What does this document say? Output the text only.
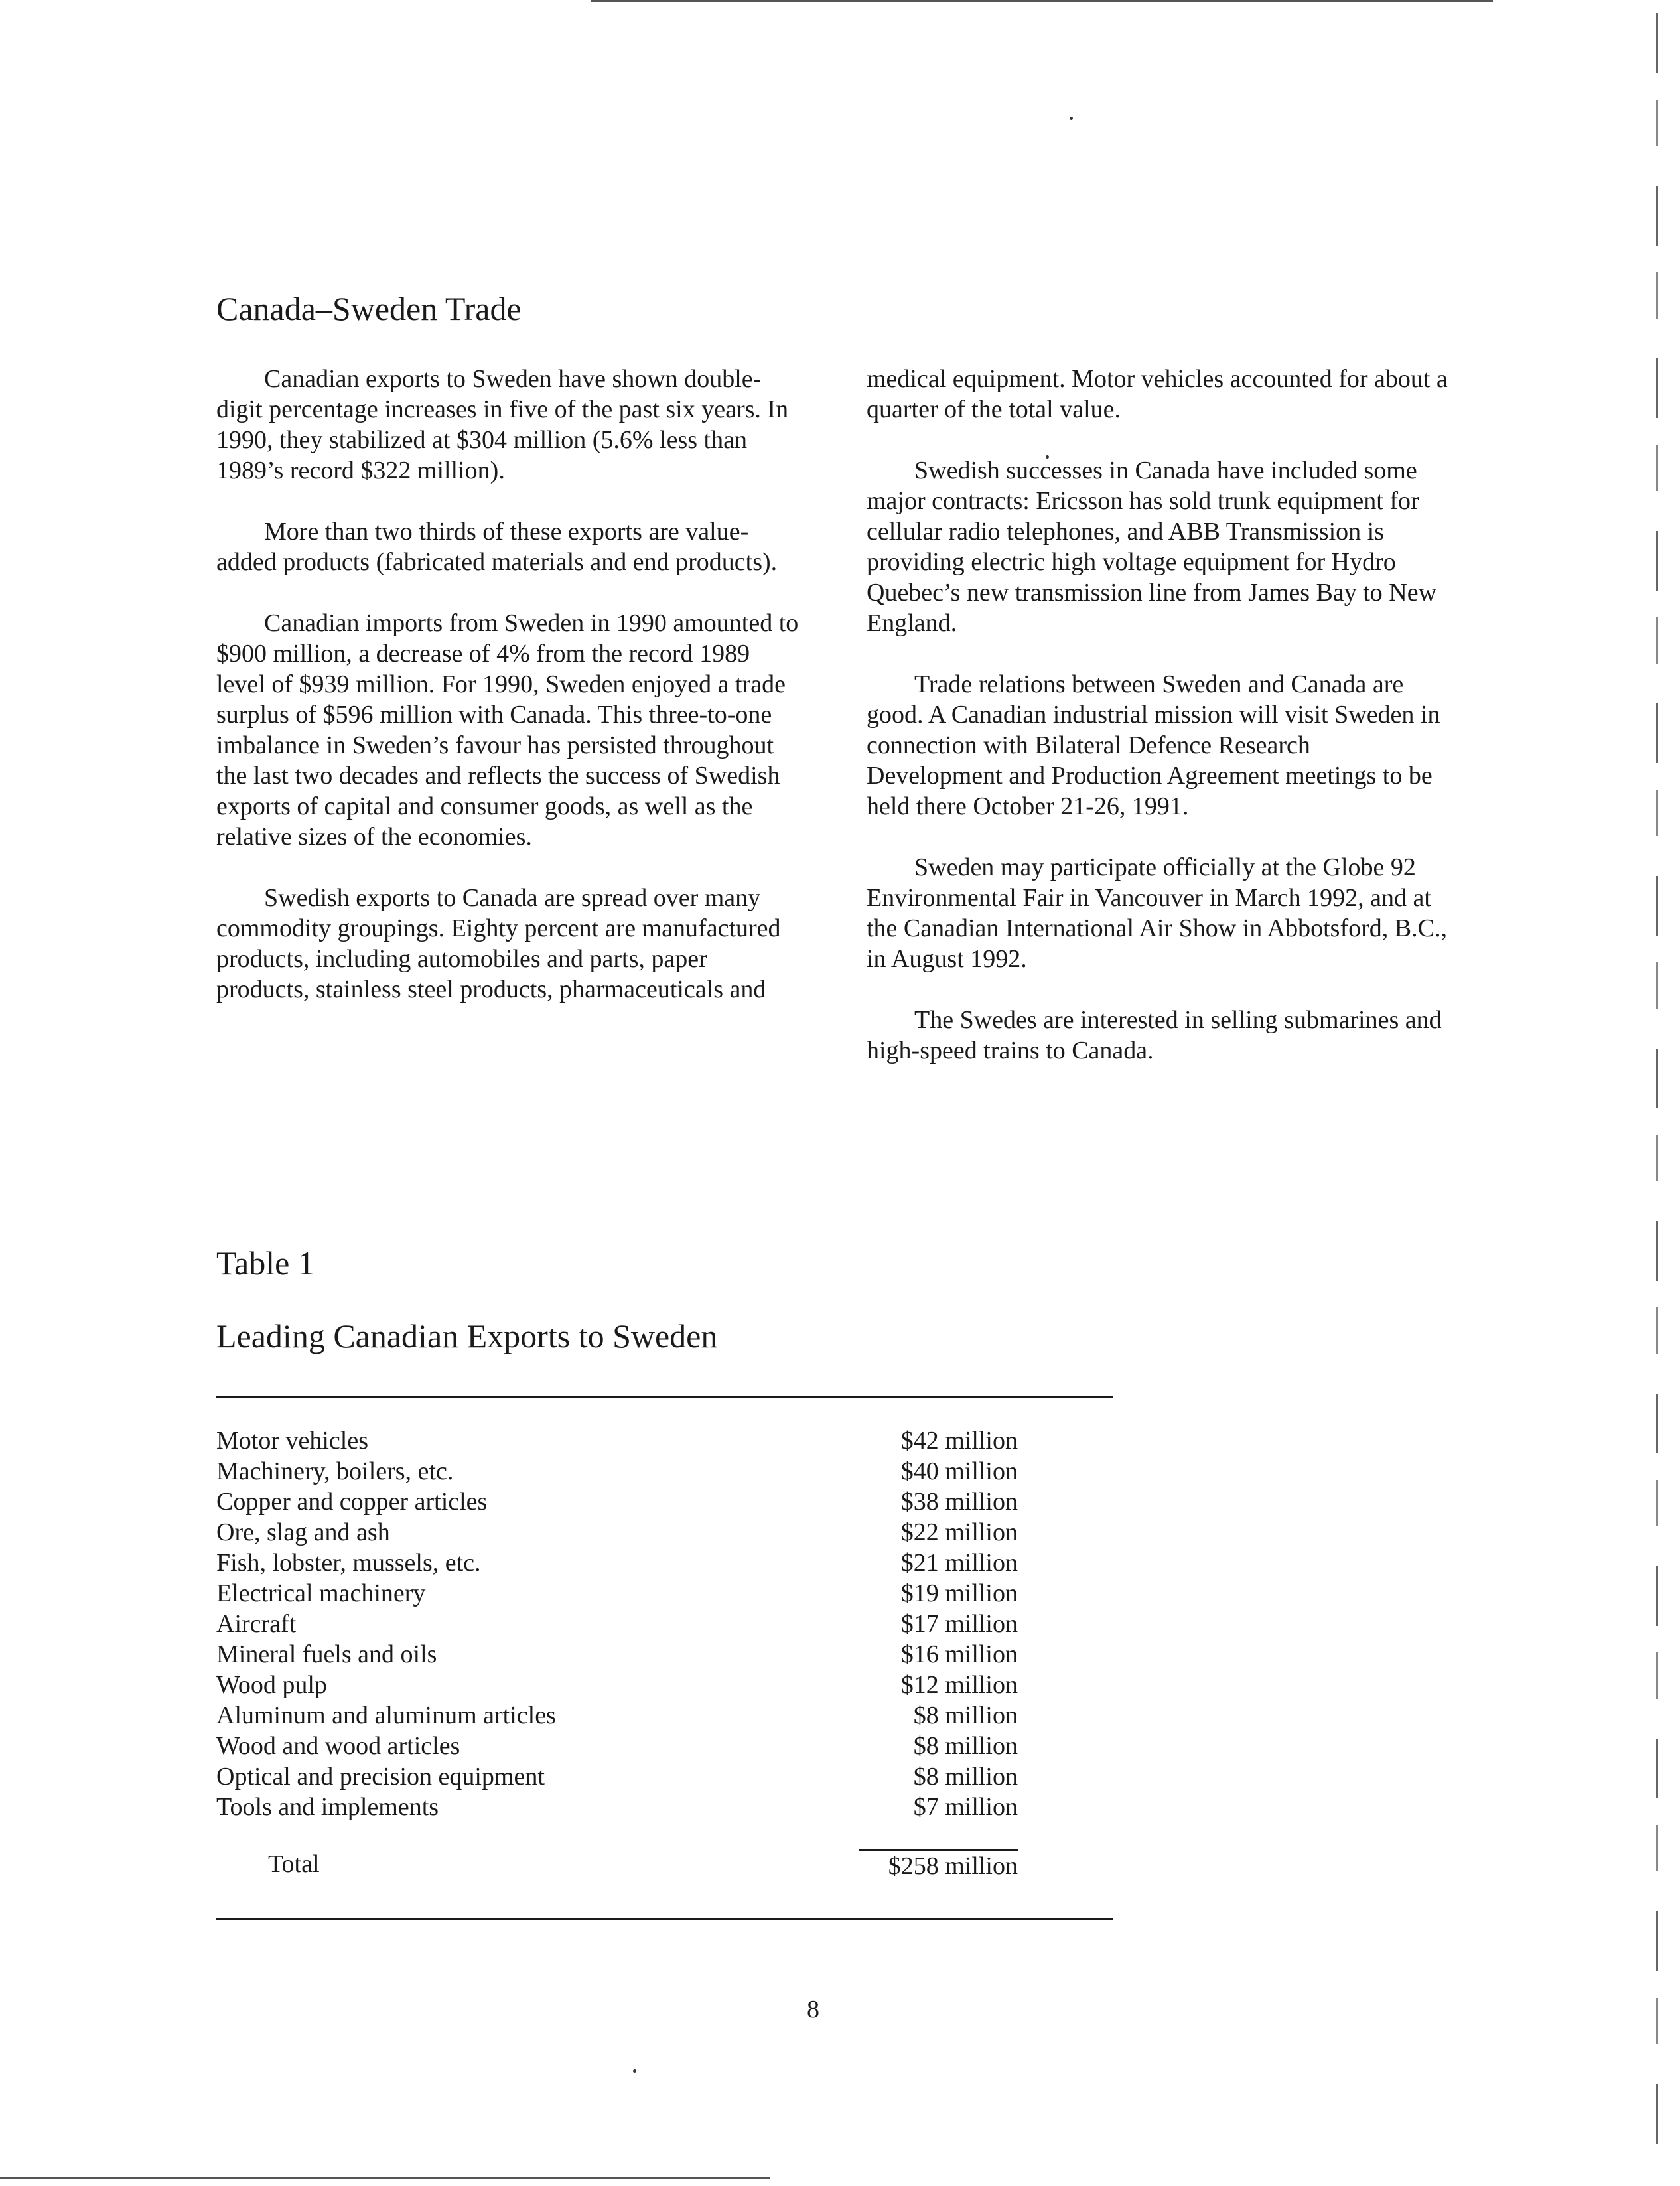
Canada–Sweden Trade

Canadian exports to Sweden have shown double-digit percentage increases in five of the past six years. In 1990, they stabilized at $304 million (5.6% less than 1989’s record $322 million).

More than two thirds of these exports are value-added products (fabricated materials and end products).

Canadian imports from Sweden in 1990 amounted to $900 million, a decrease of 4% from the record 1989 level of $939 million. For 1990, Sweden enjoyed a trade surplus of $596 million with Canada. This three-to-one imbalance in Sweden’s favour has persisted throughout the last two decades and reflects the success of Swedish exports of capital and consumer goods, as well as the relative sizes of the economies.

Swedish exports to Canada are spread over many commodity groupings. Eighty percent are manufactured products, including automobiles and parts, paper products, stainless steel products, pharmaceuticals and

medical equipment. Motor vehicles accounted for about a quarter of the total value.

Swedish successes in Canada have included some major contracts: Ericsson has sold trunk equipment for cellular radio telephones, and ABB Transmission is providing electric high voltage equipment for Hydro Quebec’s new transmission line from James Bay to New England.

Trade relations between Sweden and Canada are good. A Canadian industrial mission will visit Sweden in connection with Bilateral Defence Research Development and Production Agreement meetings to be held there October 21-26, 1991.

Sweden may participate officially at the Globe 92 Environmental Fair in Vancouver in March 1992, and at the Canadian International Air Show in Abbotsford, B.C., in August 1992.

The Swedes are interested in selling submarines and high-speed trains to Canada.

Table 1
Leading Canadian Exports to Sweden
Motor vehicles	$42 million
Machinery, boilers, etc.	$40 million
Copper and copper articles	$38 million
Ore, slag and ash	$22 million
Fish, lobster, mussels, etc.	$21 million
Electrical machinery	$19 million
Aircraft	$17 million
Mineral fuels and oils	$16 million
Wood pulp	$12 million
Aluminum and aluminum articles	$8 million
Wood and wood articles	$8 million
Optical and precision equipment	$8 million
Tools and implements	$7 million
Total	$258 million
8
